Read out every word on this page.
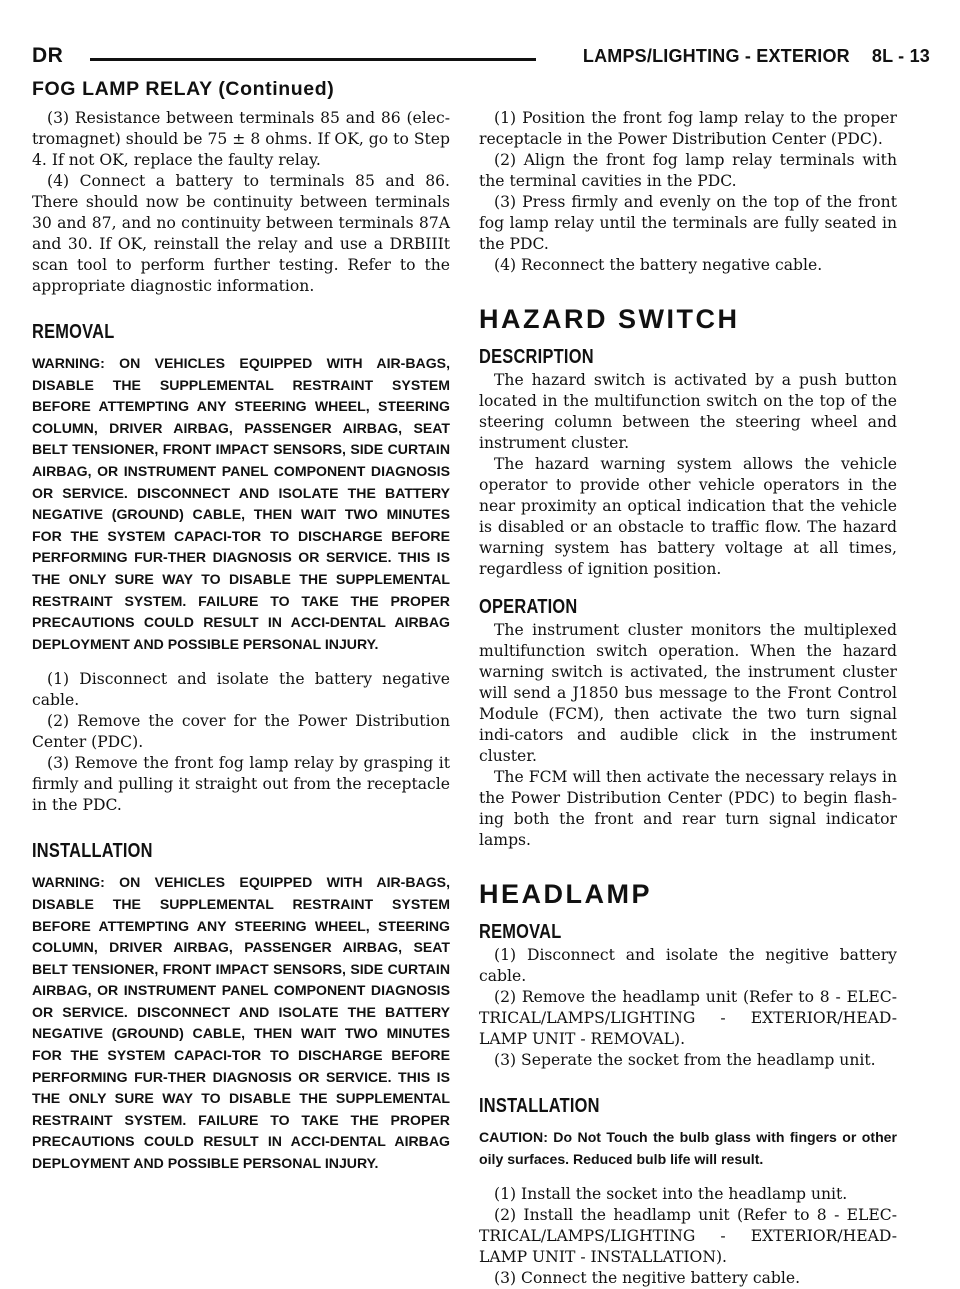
DR	LAMPS/LIGHTING - EXTERIOR 8L - 13
FOG LAMP RELAY (Continued)

(3) Resistance between terminals 85 and 86 (elec-tromagnet) should be 75 ± 8 ohms. If OK, go to Step 4. If not OK, replace the faulty relay.

(4) Connect a battery to terminals 85 and 86. There should now be continuity between terminals 30 and 87, and no continuity between terminals 87A and 30. If OK, reinstall the relay and use a DRBIIIt scan tool to perform further testing. Refer to the appropriate diagnostic information.

REMOVAL
WARNING: ON VEHICLES EQUIPPED WITH AIR-BAGS, DISABLE THE SUPPLEMENTAL RESTRAINT SYSTEM BEFORE ATTEMPTING ANY STEERING WHEEL, STEERING COLUMN, DRIVER AIRBAG, PASSENGER AIRBAG, SEAT BELT TENSIONER, FRONT IMPACT SENSORS, SIDE CURTAIN AIRBAG, OR INSTRUMENT PANEL COMPONENT DIAGNOSIS OR SERVICE. DISCONNECT AND ISOLATE THE BATTERY NEGATIVE (GROUND) CABLE, THEN WAIT TWO MINUTES FOR THE SYSTEM CAPACI-TOR TO DISCHARGE BEFORE PERFORMING FUR-THER DIAGNOSIS OR SERVICE. THIS IS THE ONLY SURE WAY TO DISABLE THE SUPPLEMENTAL RESTRAINT SYSTEM. FAILURE TO TAKE THE PROPER PRECAUTIONS COULD RESULT IN ACCI-DENTAL AIRBAG DEPLOYMENT AND POSSIBLE PERSONAL INJURY.

(1) Disconnect and isolate the battery negative cable.

(2) Remove the cover for the Power Distribution Center (PDC).

(3) Remove the front fog lamp relay by grasping it firmly and pulling it straight out from the receptacle in the PDC.

INSTALLATION
WARNING: ON VEHICLES EQUIPPED WITH AIR-BAGS, DISABLE THE SUPPLEMENTAL RESTRAINT SYSTEM BEFORE ATTEMPTING ANY STEERING WHEEL, STEERING COLUMN, DRIVER AIRBAG, PASSENGER AIRBAG, SEAT BELT TENSIONER, FRONT IMPACT SENSORS, SIDE CURTAIN AIRBAG, OR INSTRUMENT PANEL COMPONENT DIAGNOSIS OR SERVICE. DISCONNECT AND ISOLATE THE BATTERY NEGATIVE (GROUND) CABLE, THEN WAIT TWO MINUTES FOR THE SYSTEM CAPACI-TOR TO DISCHARGE BEFORE PERFORMING FUR-THER DIAGNOSIS OR SERVICE. THIS IS THE ONLY SURE WAY TO DISABLE THE SUPPLEMENTAL RESTRAINT SYSTEM. FAILURE TO TAKE THE PROPER PRECAUTIONS COULD RESULT IN ACCI-DENTAL AIRBAG DEPLOYMENT AND POSSIBLE PERSONAL INJURY.

(1) Position the front fog lamp relay to the proper receptacle in the Power Distribution Center (PDC).

(2) Align the front fog lamp relay terminals with the terminal cavities in the PDC.

(3) Press firmly and evenly on the top of the front fog lamp relay until the terminals are fully seated in the PDC.

(4) Reconnect the battery negative cable.

HAZARD SWITCH
DESCRIPTION

The hazard switch is activated by a push button located in the multifunction switch on the top of the steering column between the steering wheel and instrument cluster.

The hazard warning system allows the vehicle operator to provide other vehicle operators in the near proximity an optical indication that the vehicle is disabled or an obstacle to traffic flow. The hazard warning system has battery voltage at all times, regardless of ignition position.

OPERATION

The instrument cluster monitors the multiplexed multifunction switch operation. When the hazard warning switch is activated, the instrument cluster will send a J1850 bus message to the Front Control Module (FCM), then activate the two turn signal indi-cators and audible click in the instrument cluster.

The FCM will then activate the necessary relays in the Power Distribution Center (PDC) to begin flash-ing both the front and rear turn signal indicator lamps.

HEADLAMP
REMOVAL

(1) Disconnect and isolate the negitive battery cable.

(2) Remove the headlamp unit (Refer to 8 - ELEC-TRICAL/LAMPS/LIGHTING - EXTERIOR/HEAD-LAMP UNIT - REMOVAL).

(3) Seperate the socket from the headlamp unit.

INSTALLATION
CAUTION: Do Not Touch the bulb glass with fingers or other oily surfaces. Reduced bulb life will result.

(1) Install the socket into the headlamp unit.

(2) Install the headlamp unit (Refer to 8 - ELEC-TRICAL/LAMPS/LIGHTING - EXTERIOR/HEAD-LAMP UNIT - INSTALLATION).

(3) Connect the negitive battery cable.
